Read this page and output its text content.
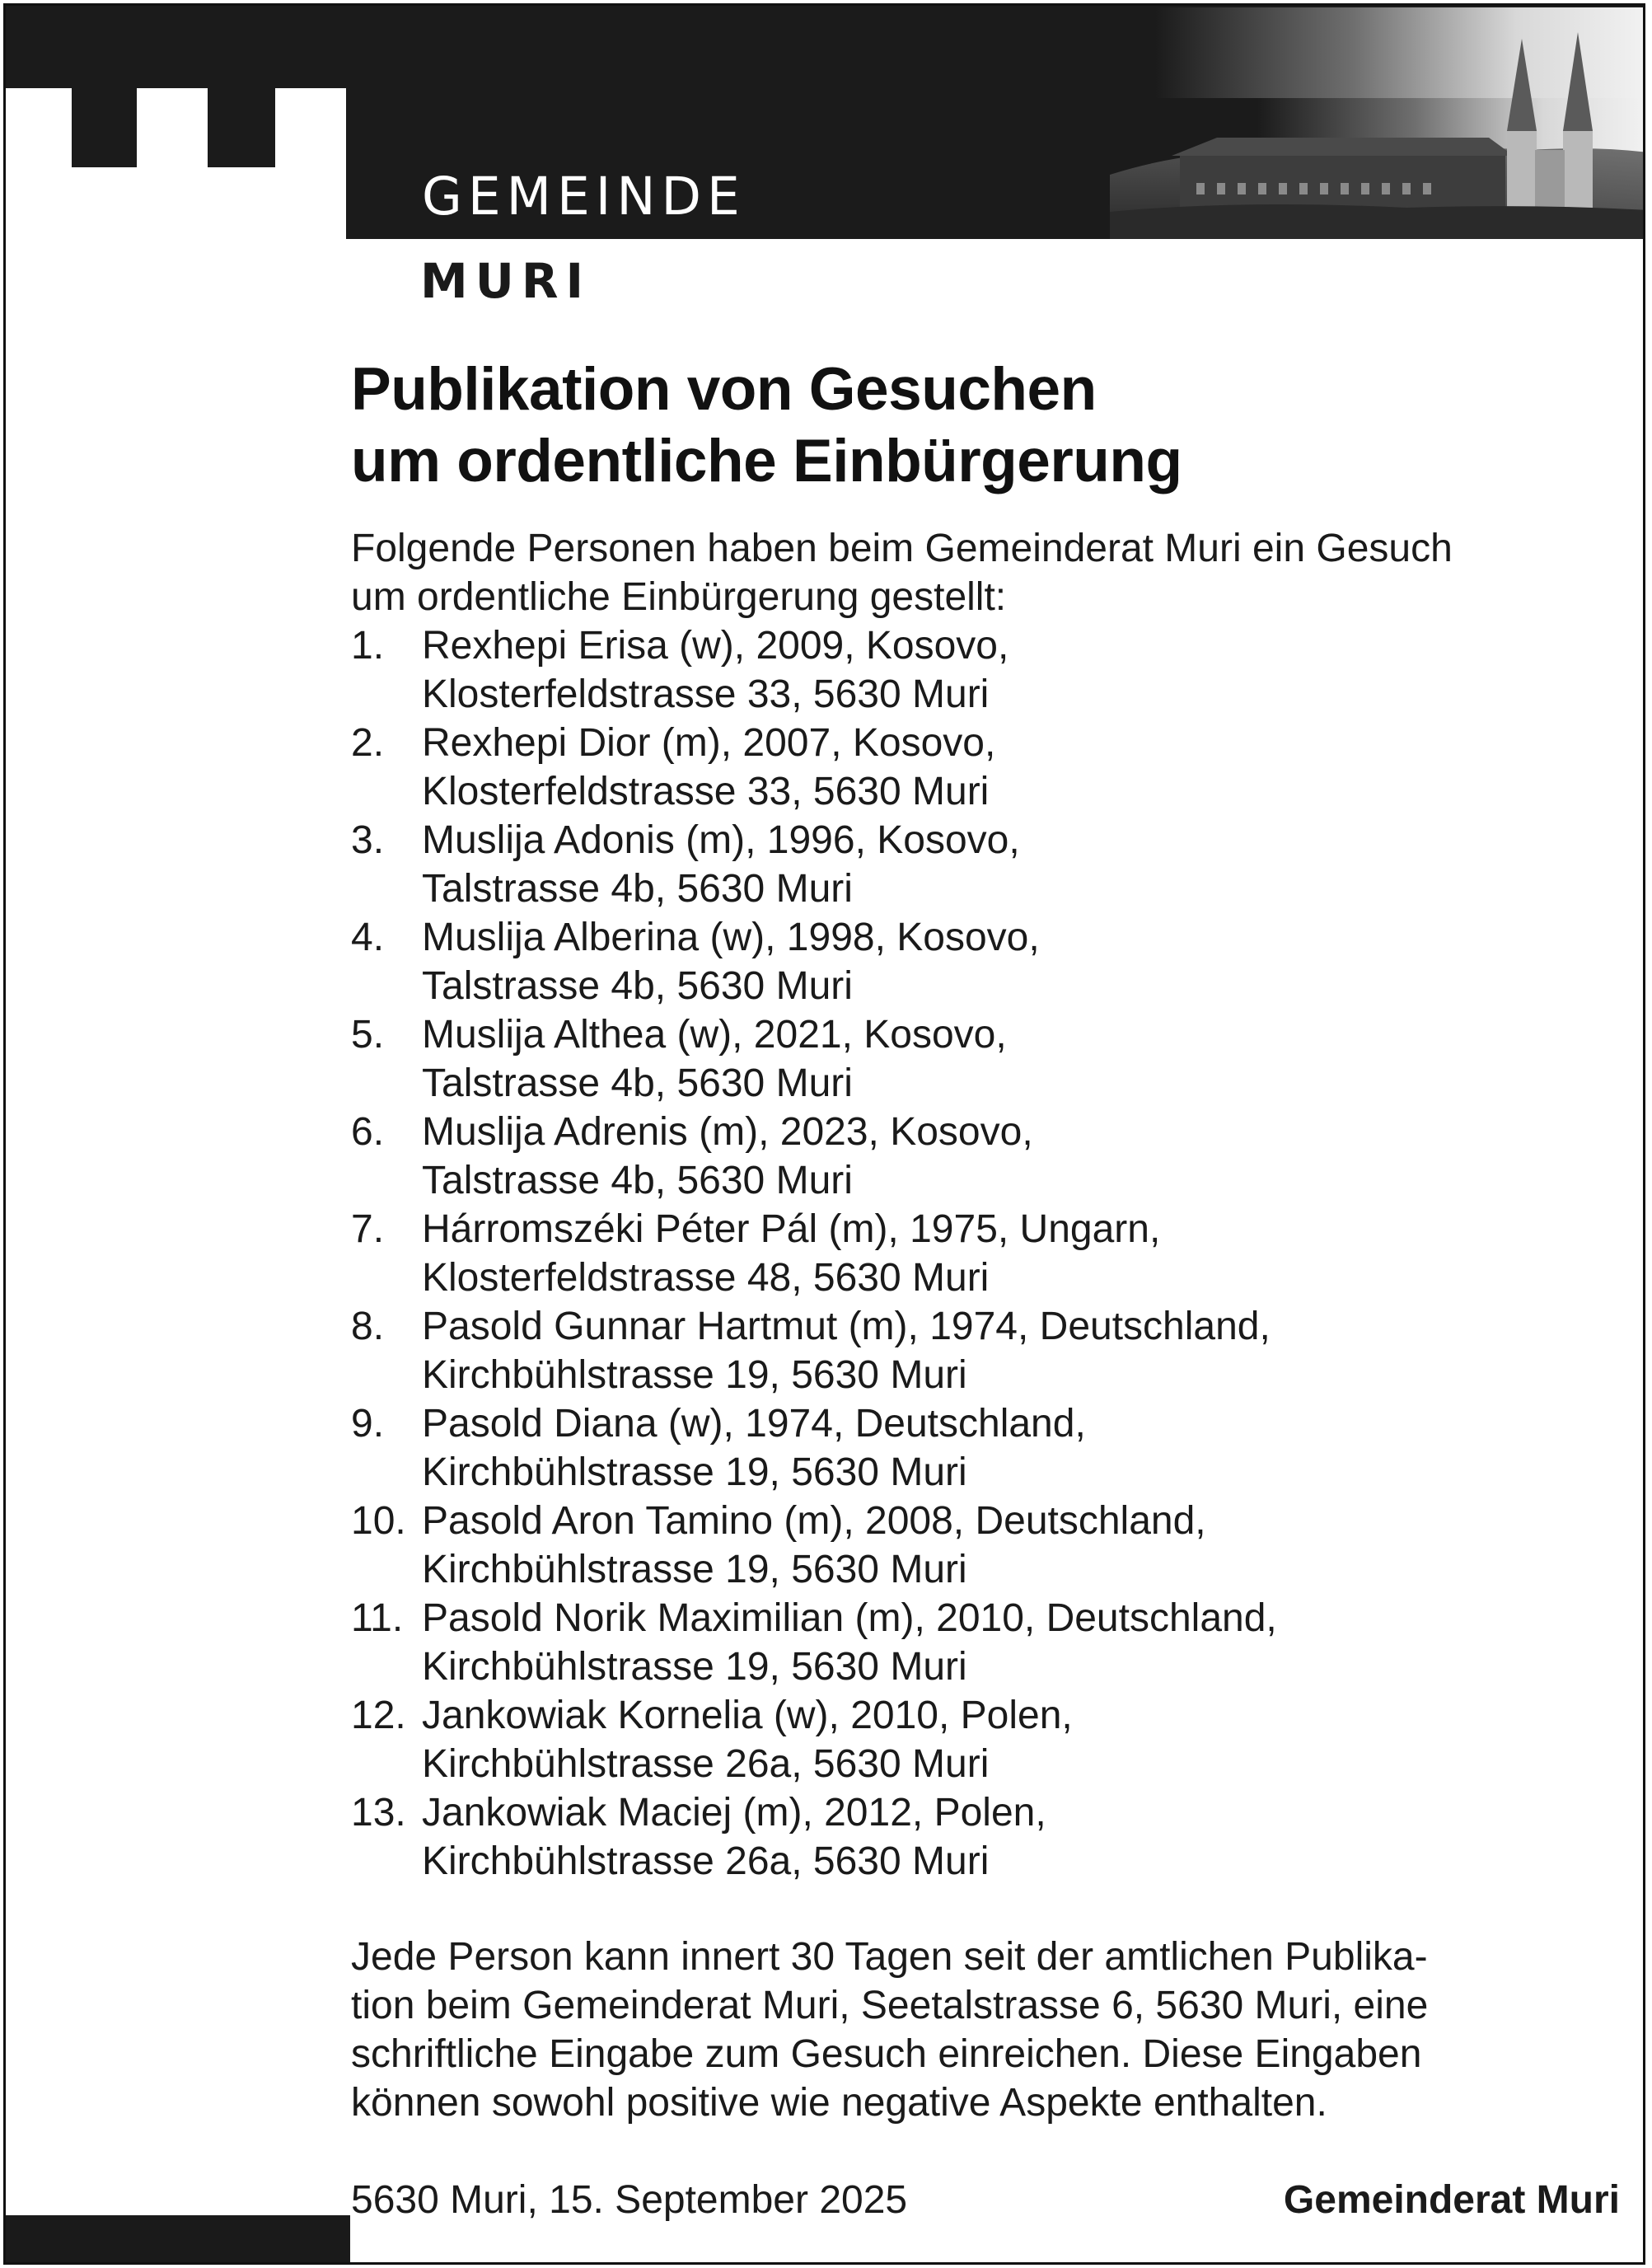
GEMEINDE
MURI
Publikation von Gesuchen
um ordentliche Einbürgerung
Folgende Personen haben beim Gemeinderat Muri ein Gesuch
um ordentliche Einbürgerung gestellt:
1. Rexhepi Erisa (w), 2009, Kosovo,
Klosterfeldstrasse 33, 5630 Muri
2. Rexhepi Dior (m), 2007, Kosovo,
Klosterfeldstrasse 33, 5630 Muri
3. Muslija Adonis (m), 1996, Kosovo,
Talstrasse 4b, 5630 Muri
4. Muslija Alberina (w), 1998, Kosovo,
Talstrasse 4b, 5630 Muri
5. Muslija Althea (w), 2021, Kosovo,
Talstrasse 4b, 5630 Muri
6. Muslija Adrenis (m), 2023, Kosovo,
Talstrasse 4b, 5630 Muri
7. Hárromszéki Péter Pál (m), 1975, Ungarn,
Klosterfeldstrasse 48, 5630 Muri
8. Pasold Gunnar Hartmut (m), 1974, Deutschland,
Kirchbühlstrasse 19, 5630 Muri
9. Pasold Diana (w), 1974, Deutschland,
Kirchbühlstrasse 19, 5630 Muri
10. Pasold Aron Tamino (m), 2008, Deutschland,
Kirchbühlstrasse 19, 5630 Muri
11. Pasold Norik Maximilian (m), 2010, Deutschland,
Kirchbühlstrasse 19, 5630 Muri
12. Jankowiak Kornelia (w), 2010, Polen,
Kirchbühlstrasse 26a, 5630 Muri
13. Jankowiak Maciej (m), 2012, Polen,
Kirchbühlstrasse 26a, 5630 Muri
Jede Person kann innert 30 Tagen seit der amtlichen Publika-
tion beim Gemeinderat Muri, Seetalstrasse 6, 5630 Muri, eine
schriftliche Eingabe zum Gesuch einreichen. Diese Eingaben
können sowohl positive wie negative Aspekte enthalten.
5630 Muri, 15. September 2025	Gemeinderat Muri
